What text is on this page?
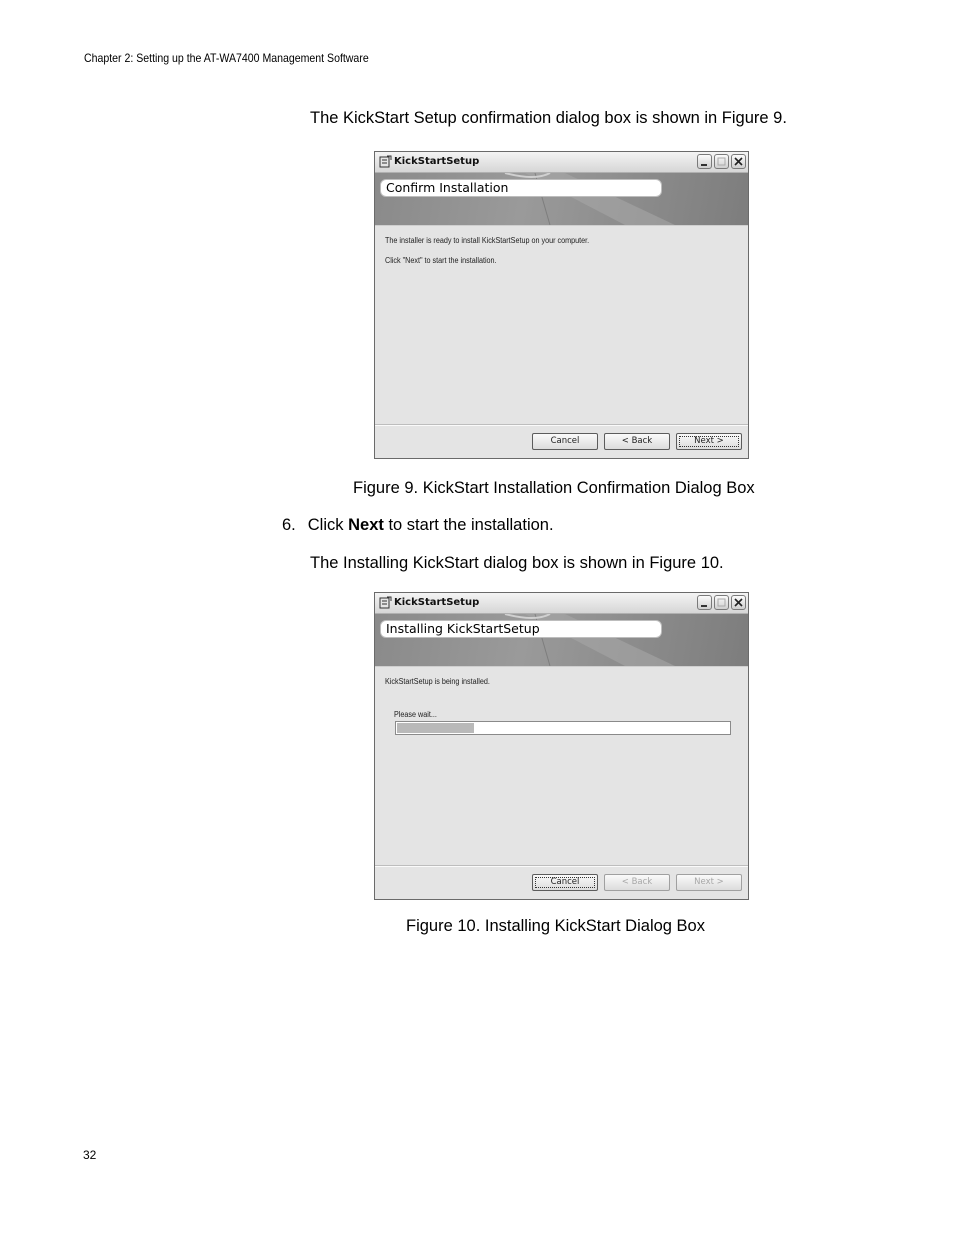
Chapter 2: Setting up the AT-WA7400 Management Software
The KickStart Setup confirmation dialog box is shown in Figure 9.
KickStartSetup
Confirm Installation
The installer is ready to install KickStartSetup on your computer.
Click "Next" to start the installation.
Cancel	< Back	Next >
Figure 9. KickStart Installation Confirmation Dialog Box
6. Click Next to start the installation.
The Installing KickStart dialog box is shown in Figure 10.
KickStartSetup
Installing KickStartSetup
KickStartSetup is being installed.
Please wait...
Cancel	< Back	Next >
Figure 10. Installing KickStart Dialog Box
32
